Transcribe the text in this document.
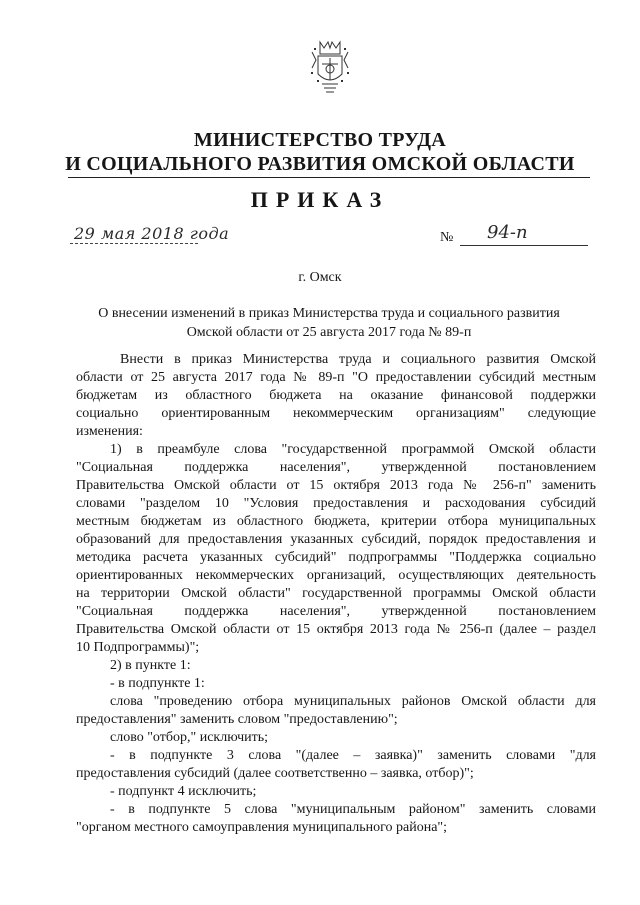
МИНИСТЕРСТВО ТРУДА
И СОЦИАЛЬНОГО РАЗВИТИЯ ОМСКОЙ ОБЛАСТИ
ПРИКАЗ
29 мая 2018 года	№ 94-п
г. Омск
О внесении изменений в приказ Министерства труда и социального развития
Омской области от 25 августа 2017 года № 89-п
Внести в приказ Министерства труда и социального развития Омской
области от 25 августа 2017 года № 89-п "О предоставлении субсидий местным
бюджетам из областного бюджета на оказание финансовой поддержки
социально ориентированным некоммерческим организациям" следующие
изменения:
1) в преамбуле слова "государственной программой Омской области
"Социальная поддержка населения", утвержденной постановлением
Правительства Омской области от 15 октября 2013 года № 256-п" заменить
словами "разделом 10 "Условия предоставления и расходования субсидий
местным бюджетам из областного бюджета, критерии отбора муниципальных
образований для предоставления указанных субсидий, порядок предоставления и
методика расчета указанных субсидий" подпрограммы "Поддержка социально
ориентированных некоммерческих организаций, осуществляющих деятельность
на территории Омской области" государственной программы Омской области
"Социальная поддержка населения", утвержденной постановлением
Правительства Омской области от 15 октября 2013 года № 256-п (далее – раздел
10 Подпрограммы)";
2) в пункте 1:
- в подпункте 1:
слова "проведению отбора муниципальных районов Омской области для
предоставления" заменить словом "предоставлению";
слово "отбор," исключить;
- в подпункте 3 слова "(далее – заявка)" заменить словами "для
предоставления субсидий (далее соответственно – заявка, отбор)";
- подпункт 4 исключить;
- в подпункте 5 слова "муниципальным районом" заменить словами
"органом местного самоуправления муниципального района";
